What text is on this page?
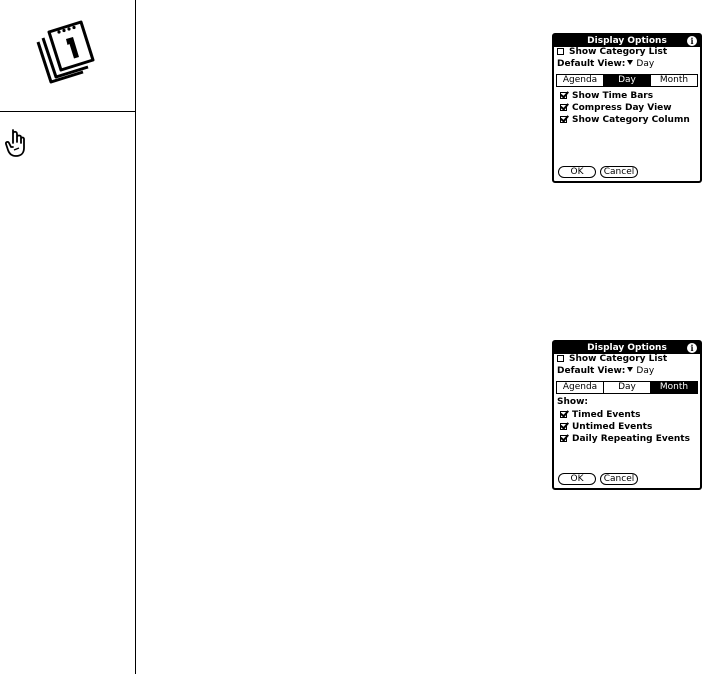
Display Options	i
Show Category List
Default View: Day
Agenda	Day	Month
Show Time Bars
Compress Day View
Show Category Column
OK	Cancel
Display Options	i
Show Category List
Default View: Day
Agenda	Day	Month
Show:
Timed Events
Untimed Events
Daily Repeating Events
OK	Cancel
